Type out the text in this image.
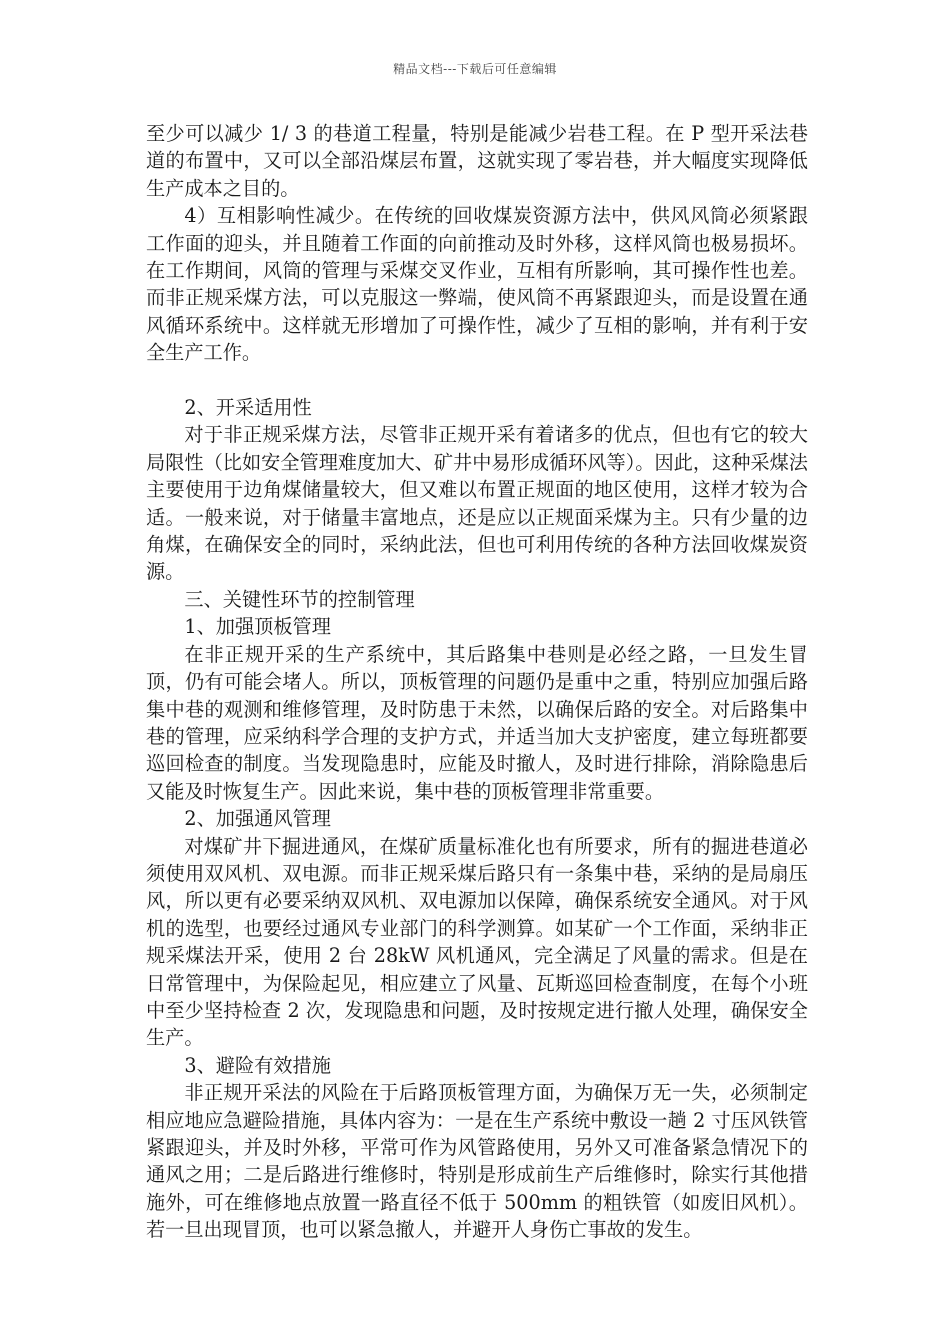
精品文档---下载后可任意编辑

至少可以减少 1/ 3 的巷道工程量，特别是能减少岩巷工程。在 P 型开采法巷道的布置中，又可以全部沿煤层布置，这就实现了零岩巷，并大幅度实现降低生产成本之目的。

4）互相影响性减少。在传统的回收煤炭资源方法中，供风风筒必须紧跟工作面的迎头，并且随着工作面的向前推动及时外移，这样风筒也极易损坏。在工作期间，风筒的管理与采煤交叉作业，互相有所影响，其可操作性也差。而非正规采煤方法，可以克服这一弊端，使风筒不再紧跟迎头，而是设置在通风循环系统中。这样就无形增加了可操作性，减少了互相的影响，并有利于安全生产工作。

2、开采适用性

对于非正规采煤方法，尽管非正规开采有着诸多的优点，但也有它的较大局限性（比如安全管理难度加大、矿井中易形成循环风等）。因此，这种采煤法主要使用于边角煤储量较大，但又难以布置正规面的地区使用，这样才较为合适。一般来说，对于储量丰富地点，还是应以正规面采煤为主。只有少量的边角煤，在确保安全的同时，采纳此法，但也可利用传统的各种方法回收煤炭资源。

三、关键性环节的控制管理

1、加强顶板管理

在非正规开采的生产系统中，其后路集中巷则是必经之路，一旦发生冒顶，仍有可能会堵人。所以，顶板管理的问题仍是重中之重，特别应加强后路集中巷的观测和维修管理，及时防患于未然，以确保后路的安全。对后路集中巷的管理，应采纳科学合理的支护方式，并适当加大支护密度，建立每班都要巡回检查的制度。当发现隐患时，应能及时撤人，及时进行排除，消除隐患后又能及时恢复生产。因此来说，集中巷的顶板管理非常重要。

2、加强通风管理

对煤矿井下掘进通风，在煤矿质量标准化也有所要求，所有的掘进巷道必须使用双风机、双电源。而非正规采煤后路只有一条集中巷，采纳的是局扇压风，所以更有必要采纳双风机、双电源加以保障，确保系统安全通风。对于风机的选型，也要经过通风专业部门的科学测算。如某矿一个工作面，采纳非正规采煤法开采，使用 2 台 28kW 风机通风，完全满足了风量的需求。但是在日常管理中，为保险起见，相应建立了风量、瓦斯巡回检查制度，在每个小班中至少坚持检查 2 次，发现隐患和问题，及时按规定进行撤人处理，确保安全生产。

3、避险有效措施

非正规开采法的风险在于后路顶板管理方面，为确保万无一失，必须制定相应地应急避险措施，具体内容为：一是在生产系统中敷设一趟 2 寸压风铁管紧跟迎头，并及时外移，平常可作为风管路使用，另外又可准备紧急情况下的通风之用；二是后路进行维修时，特别是形成前生产后维修时，除实行其他措施外，可在维修地点放置一路直径不低于 500mm 的粗铁管（如废旧风机）。若一旦出现冒顶，也可以紧急撤人，并避开人身伤亡事故的发生。
